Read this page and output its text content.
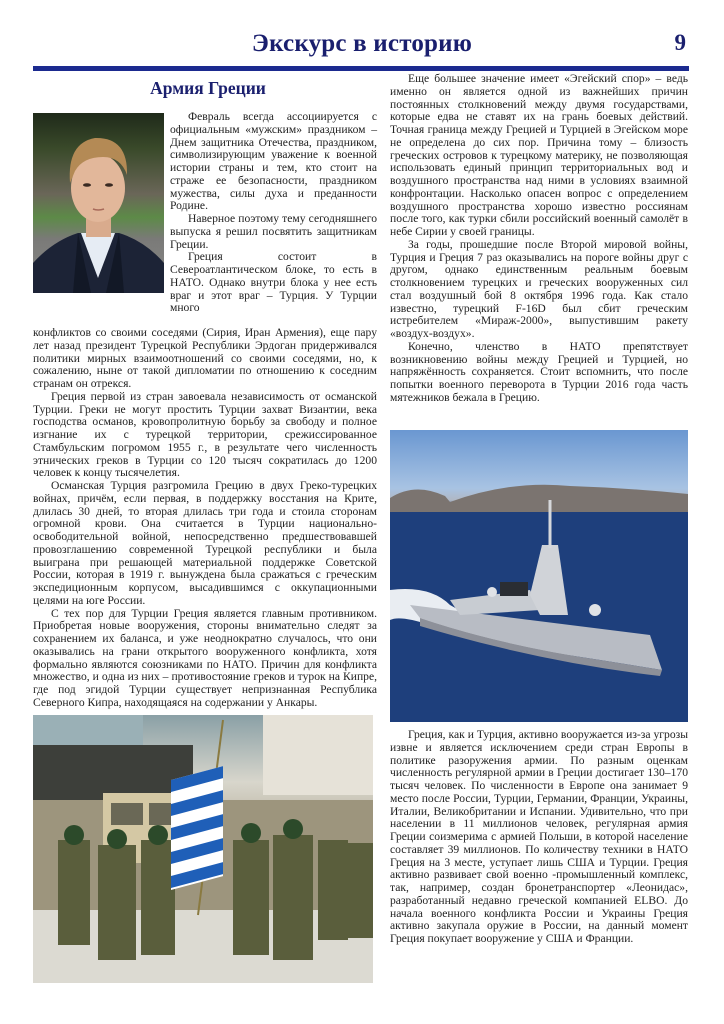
Экскурс в историю	9
Армия Греции

Февраль всегда ассоциируется с официальным «мужским» праздником – Днем защитника Отечества, праздником, символизирующим уважение к военной истории страны и тем, кто стоит на страже ее безопасности, праздником мужества, силы духа и преданности Родине.

Наверное поэтому тему сегодняшнего выпуска я решил посвятить защитникам Греции.

Греция состоит в Североатлантическом блоке, то есть в НАТО. Однако внутри блока у нее есть враг и этот враг – Турция. У Турции много

конфликтов со своими соседями (Сирия, Иран Армения), еще пару лет назад президент Турецкой Республики Эрдоган придерживался политики мирных взаимоотношений со своими соседями, но, к сожалению, ныне от такой дипломатии по отношению к соседним странам он отрекся.

Греция первой из стран завоевала независимость от османской Турции. Греки не могут простить Турции захват Византии, века господства османов, кровопролитную борьбу за свободу и полное изгнание их с турецкой территории, срежиссированное Стамбульским погромом 1955 г., в результате чего численность этнических греков в Турции со 120 тысяч сократилась до 1200 человек к концу тысячелетия.

Османская Турция разгромила Грецию в двух Греко-турецких войнах, причём, если первая, в поддержку восстания на Крите, длилась 30 дней, то вторая длилась три года и стоила сторонам огромной крови. Она считается в Турции национально-освободительной войной, непосредственно предшествовавшей провозглашению современной Турецкой республики и была выиграна при решающей материальной поддержке Советской России, которая в 1919 г. вынуждена была сражаться с греческим экспедиционным корпусом, высадившимся с оккупационными целями на юге России.

С тех пор для Турции Греция является главным противником. Приобретая новые вооружения, стороны внимательно следят за сохранением их баланса, и уже неоднократно случалось, что они оказывались на грани открытого вооруженного конфликта, хотя формально являются союзниками по НАТО. Причин для конфликта множество, и одна из них – противостояние греков и турок на Кипре, где под эгидой Турции существует непризнанная Республика Северного Кипра, находящаяся на содержании у Анкары.

Еще большее значение имеет «Эгейский спор» – ведь именно он является одной из важнейших причин постоянных столкновений между двумя государствами, которые едва не ставят их на грань боевых действий. Точная граница между Грецией и Турцией в Эгейском море не определена до сих пор. Причина тому – близость греческих островов к турецкому материку, не позволяющая использовать единый принцип территориальных вод и воздушного пространства над ними в условиях взаимной конфронтации. Насколько опасен вопрос с определением воздушного пространства хорошо известно россиянам после того, как турки сбили российский военный самолёт в небе Сирии у своей границы.

За годы, прошедшие после Второй мировой войны, Турция и Греция 7 раз оказывались на пороге войны друг с другом, однако единственным реальным боевым столкновением турецких и греческих вооруженных сил стал воздушный бой 8 октября 1996 года. Как стало известно, турецкий F-16D был сбит греческим истребителем «Мираж-2000», выпустившим ракету «воздух-воздух».

Конечно, членство в НАТО препятствует возникновению войны между Грецией и Турцией, но напряжённость сохраняется. Стоит вспомнить, что после попытки военного переворота в Турции 2016 года часть мятежников бежала в Грецию.

Греция, как и Турция, активно вооружается из-за угрозы извне и является исключением среди стран Европы в политике разоружения армии. По разным оценкам численность регулярной армии в Греции достигает 130–170 тысяч человек. По численности в Европе она занимает 9 место после России, Турции, Германии, Франции, Украины, Италии, Великобритании и Испании. Удивительно, что при населении в 11 миллионов человек, регулярная армия Греции соизмерима с армией Польши, в которой население составляет 39 миллионов. По количеству техники в НАТО Греция на 3 месте, уступает лишь США и Турции. Греция активно развивает свой военно -промышленный комплекс, так, например, создан бронетранспортер «Леонидас», разработанный недавно греческой компанией ELBO. До начала военного конфликта России и Украины Греция активно закупала оружие в России, на данный момент Греция покупает вооружение у США и Франции.
